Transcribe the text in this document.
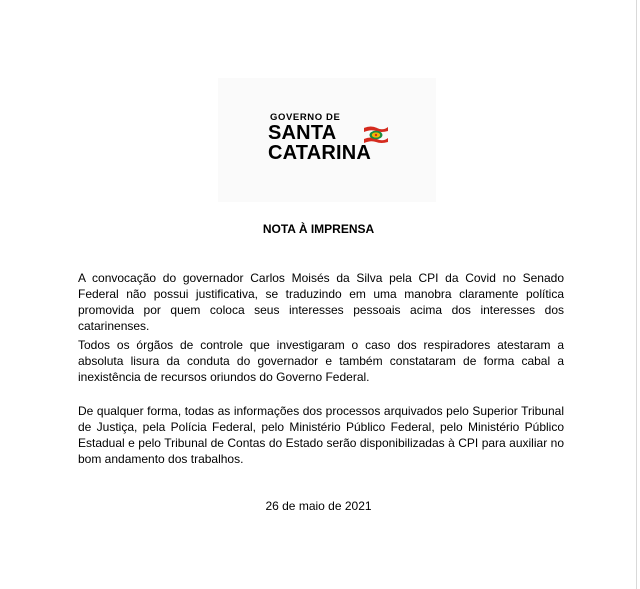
GOVERNO DE
SANTA
CATARINA
NOTA À IMPRENSA

A convocação do governador Carlos Moisés da Silva pela CPI da Covid no Senado Federal não possui justificativa, se traduzindo em uma manobra claramente política promovida por quem coloca seus interesses pessoais acima dos interesses dos catarinenses.

Todos os órgãos de controle que investigaram o caso dos respiradores atestaram a absoluta lisura da conduta do governador e também constataram de forma cabal a inexistência de recursos oriundos do Governo Federal.

De qualquer forma, todas as informações dos processos arquivados pelo Superior Tribunal de Justiça, pela Polícia Federal, pelo Ministério Público Federal, pelo Ministério Público Estadual e pelo Tribunal de Contas do Estado serão disponibilizadas à CPI para auxiliar no bom andamento dos trabalhos.

26 de maio de 2021
